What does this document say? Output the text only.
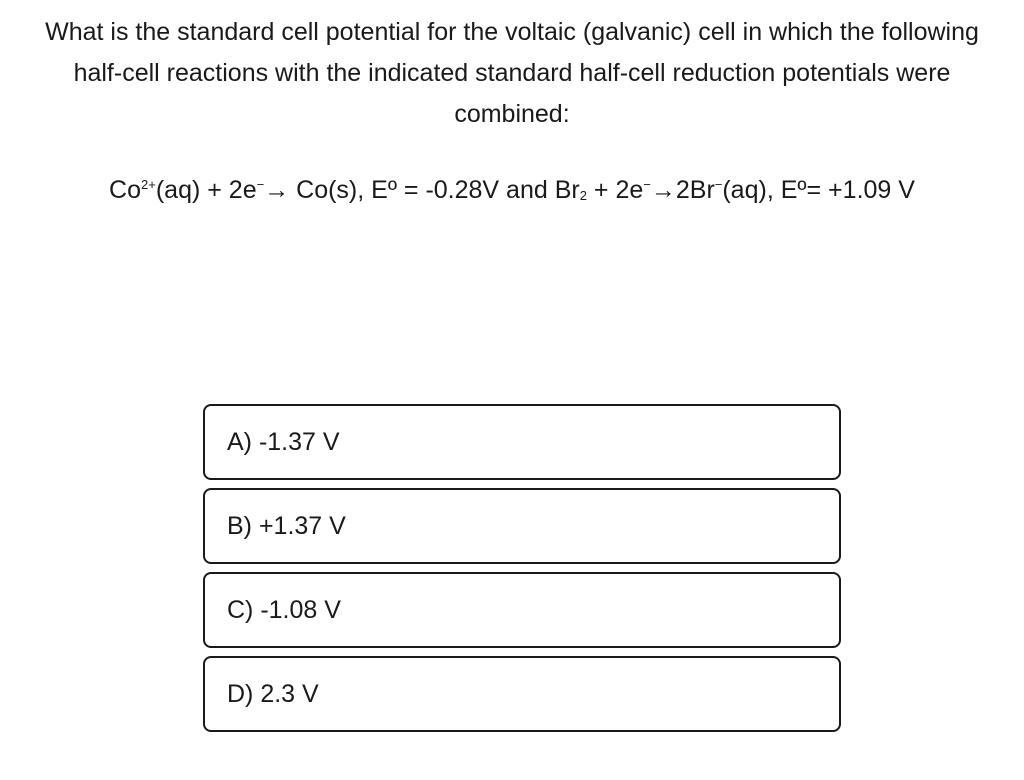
What is the standard cell potential for the voltaic (galvanic) cell in which the following half-cell reactions with the indicated standard half-cell reduction potentials were combined:

$Co^{2+}(aq) + 2e^-\to Co(s)$, Eº = -0.28V and $Br_2 + 2e^-\to 2Br^-(aq)$, Eº= +1.09 V
A) -1.37 V
B) +1.37 V
C) -1.08 V
D) 2.3 V
